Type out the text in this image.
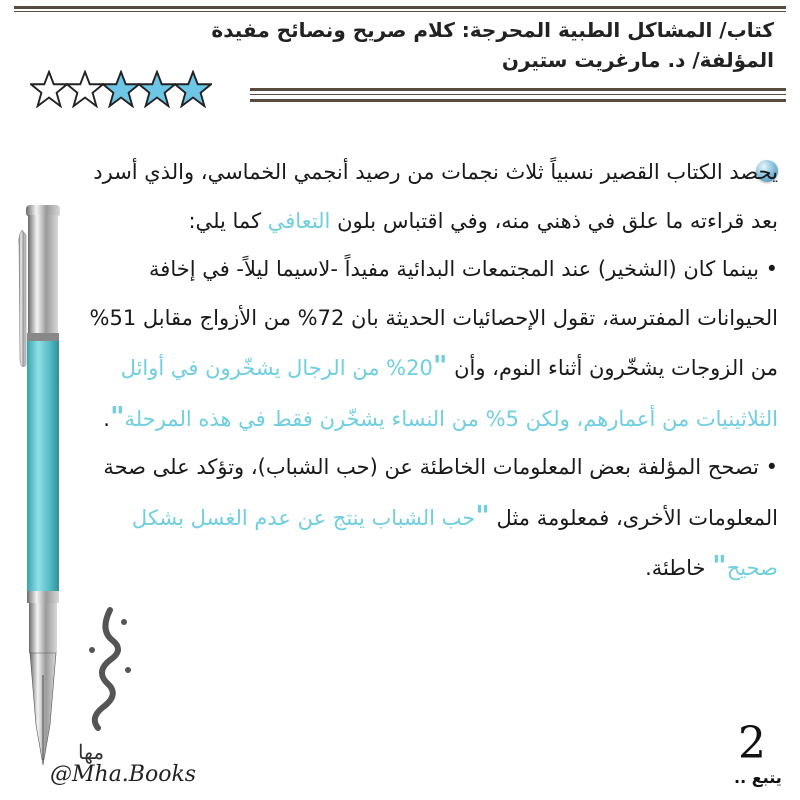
كتاب/ المشاكل الطبية المحرجة: كلام صريح ونصائح مفيدة
المؤلفة/ د. مارغريت ستيرن

يحصد الكتاب القصير نسبياً ثلاث نجمات من رصيد أنجمي الخماسي، والذي أسرد بعد قراءته ما علق في ذهني منه، وفي اقتباس بلون التعافي كما يلي:

• بينما كان (الشخير) عند المجتمعات البدائية مفيداً -لاسيما ليلاً- في إخافة الحيوانات المفترسة، تقول الإحصائيات الحديثة بان 72% من الأزواج مقابل 51% من الزوجات يشخّرون أثناء النوم، وأن "20% من الرجال يشخّرون في أوائل الثلاثينيات من أعمارهم، ولكن 5% من النساء يشخّرن فقط في هذه المرحلة".

• تصحح المؤلفة بعض المعلومات الخاطئة عن (حب الشباب)، وتؤكد على صحة المعلومات الأخرى، فمعلومة مثل "حب الشباب ينتج عن عدم الغسل بشكل صحيح" خاطئة.

مها
@Mha.Books
2
يتبع ..
